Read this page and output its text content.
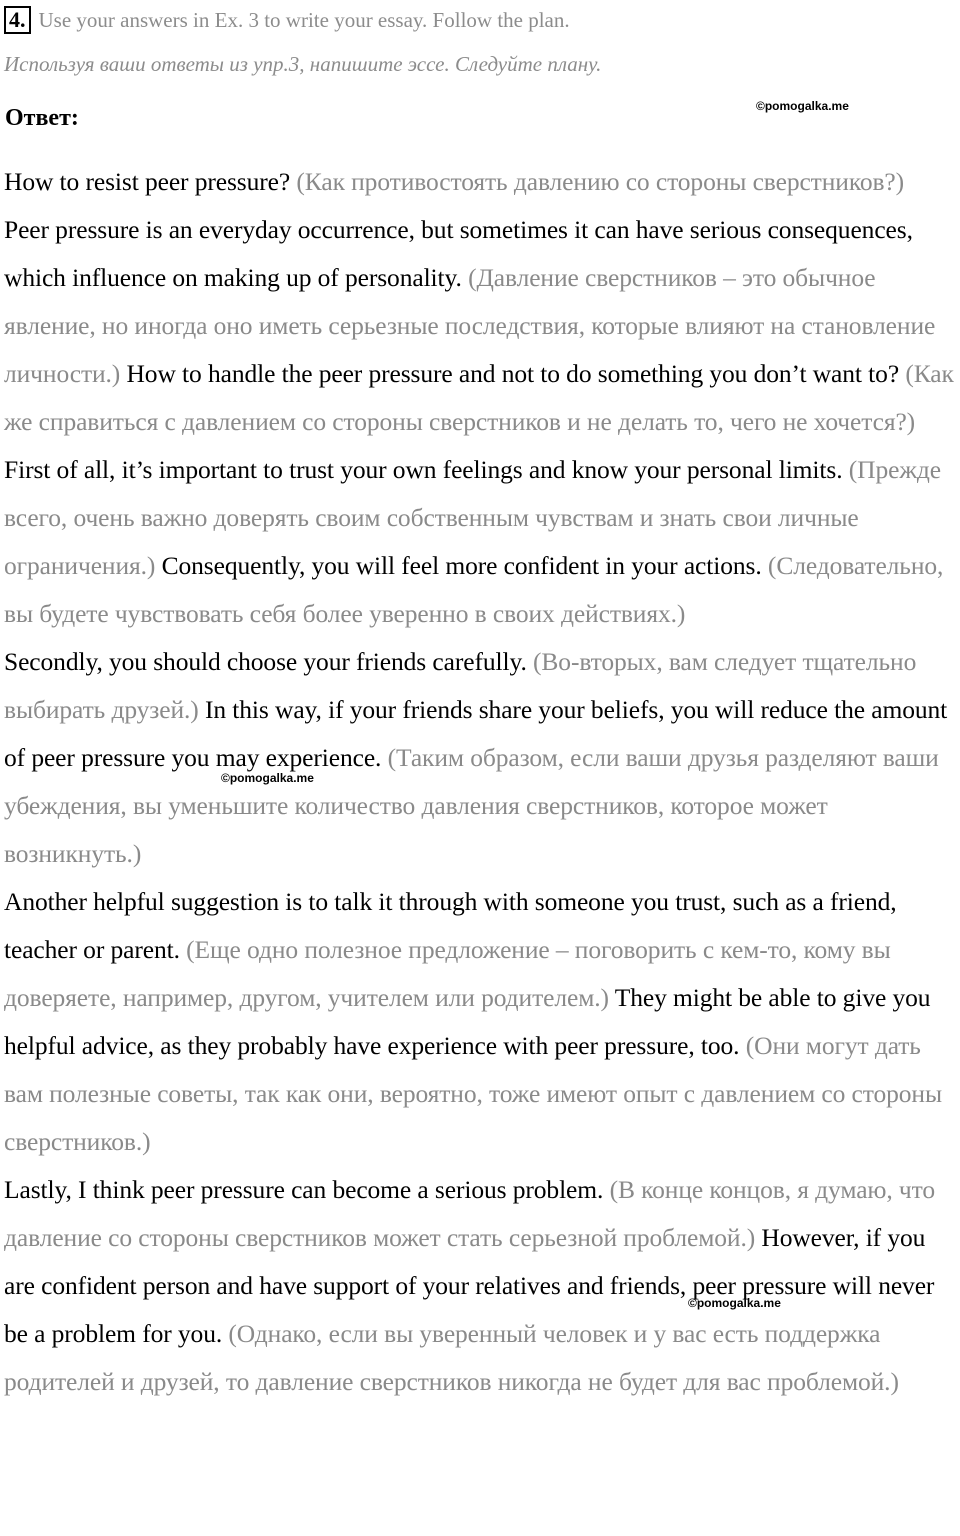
4. Use your answers in Ex. 3 to write your essay. Follow the plan.
Используя ваши ответы из упр.3, напишите эссе. Следуйте плану.
Ответ:	©pomogalka.me

How to resist peer pressure? (Как противостоять давлению со стороны сверстников?)

Peer pressure is an everyday occurrence, but sometimes it can have serious consequences, which influence on making up of personality. (Давление сверстников – это обычное явление, но иногда оно иметь серьезные последствия, которые влияют на становление личности.) How to handle the peer pressure and not to do something you don’t want to? (Как же справиться с давлением со стороны сверстников и не делать то, чего не хочется?)

First of all, it’s important to trust your own feelings and know your personal limits. (Прежде всего, очень важно доверять своим собственным чувствам и знать свои личные ограничения.) Consequently, you will feel more confident in your actions. (Следовательно, вы будете чувствовать себя более уверенно в своих действиях.)

Secondly, you should choose your friends carefully. (Во-вторых, вам следует тщательно выбирать друзей.) In this way, if your friends share your beliefs, you will reduce the amount of peer pressure you may experience. (Таким образом, если ваши друзья разделяют ваши убеждения, вы уменьшите количество давления сверстников, которое может возникнуть.)

Another helpful suggestion is to talk it through with someone you trust, such as a friend, teacher or parent. (Еще одно полезное предложение – поговорить с кем-то, кому вы доверяете, например, другом, учителем или родителем.) They might be able to give you helpful advice, as they probably have experience with peer pressure, too. (Они могут дать вам полезные советы, так как они, вероятно, тоже имеют опыт с давлением со стороны сверстников.)

Lastly, I think peer pressure can become a serious problem. (В конце концов, я думаю, что давление со стороны сверстников может стать серьезной проблемой.) However, if you are confident person and have support of your relatives and friends, peer pressure will never be a problem for you. (Однако, если вы уверенный человек и у вас есть поддержка родителей и друзей, то давление сверстников никогда не будет для вас проблемой.)

©pomogalka.me
©pomogalka.me
